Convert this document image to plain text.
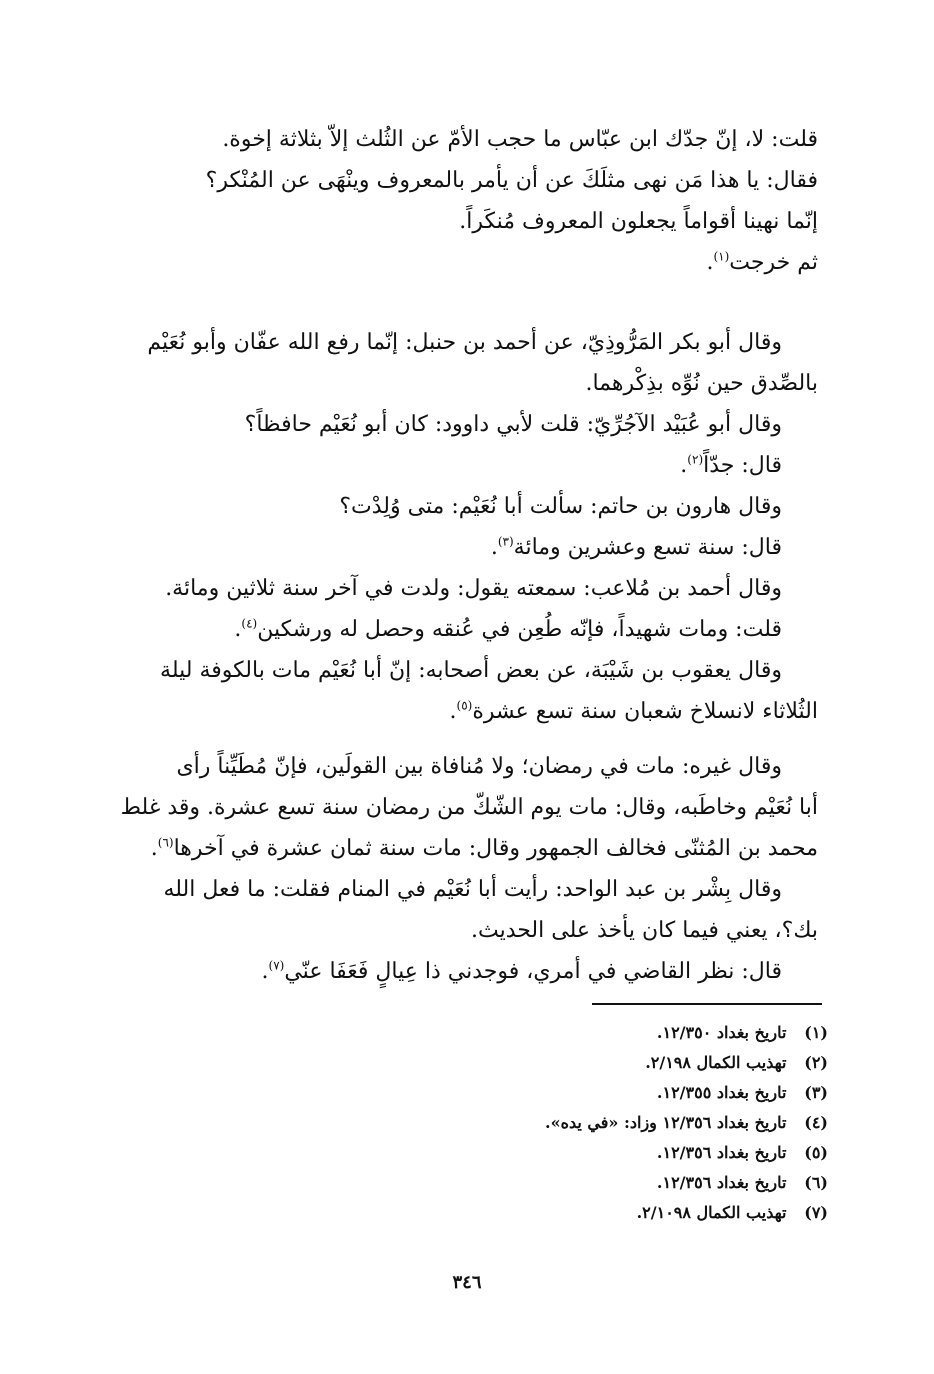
قلت: لا، إنّ جدّك ابن عبّاس ما حجب الأمّ عن الثُلث إلاّ بثلاثة إخوة.
فقال: يا هذا مَن نهى مثلَكَ عن أن يأمر بالمعروف وينْهَى عن المُنْكر؟
إنّما نهينا أقواماً يجعلون المعروف مُنكَراً.
ثم خرجت$^{(١)}$.
وقال أبو بكر المَرُّوذِيّ، عن أحمد بن حنبل: إنّما رفع الله عفّان وأبو نُعَيْم
بالصِّدق حين نُوِّه بذِكْرهما.
وقال أبو عُبَيْد الآجُرِّيّ: قلت لأبي داوود: كان أبو نُعَيْم حافظاً؟
قال: جدّاً$^{(٢)}$.
وقال هارون بن حاتم: سألت أبا نُعَيْم: متى وُلِدْت؟
قال: سنة تسع وعشرين ومائة$^{(٣)}$.
وقال أحمد بن مُلاعب: سمعته يقول: ولدت في آخر سنة ثلاثين ومائة.
قلت: ومات شهيداً، فإنّه طُعِن في عُنقه وحصل له ورشكين$^{(٤)}$.
وقال يعقوب بن شَيْبَة، عن بعض أصحابه: إنّ أبا نُعَيْم مات بالكوفة ليلة
الثُلاثاء لانسلاخ شعبان سنة تسع عشرة$^{(٥)}$.
وقال غيره: مات في رمضان؛ ولا مُنافاة بين القولَين، فإنّ مُطَيِّناً رأى
أبا نُعَيْم وخاطَبه، وقال: مات يوم الشّكّ من رمضان سنة تسع عشرة. وقد غلط
محمد بن المُثنّى فخالف الجمهور وقال: مات سنة ثمان عشرة في آخرها$^{(٦)}$.
وقال بِشْر بن عبد الواحد: رأيت أبا نُعَيْم في المنام فقلت: ما فعل الله
بك؟، يعني فيما كان يأخذ على الحديث.
قال: نظر القاضي في أمري، فوجدني ذا عِيالٍ فَعَفَا عنّي$^{(٧)}$.
(١) تاريخ بغداد ١٢/٣٥٠.
(٢) تهذيب الكمال ٢/١٩٨.
(٣) تاريخ بغداد ١٢/٣٥٥.
(٤) تاريخ بغداد ١٢/٣٥٦ وزاد: «في يده».
(٥) تاريخ بغداد ١٢/٣٥٦.
(٦) تاريخ بغداد ١٢/٣٥٦.
(٧) تهذيب الكمال ٢/١٠٩٨.
٣٤٦
